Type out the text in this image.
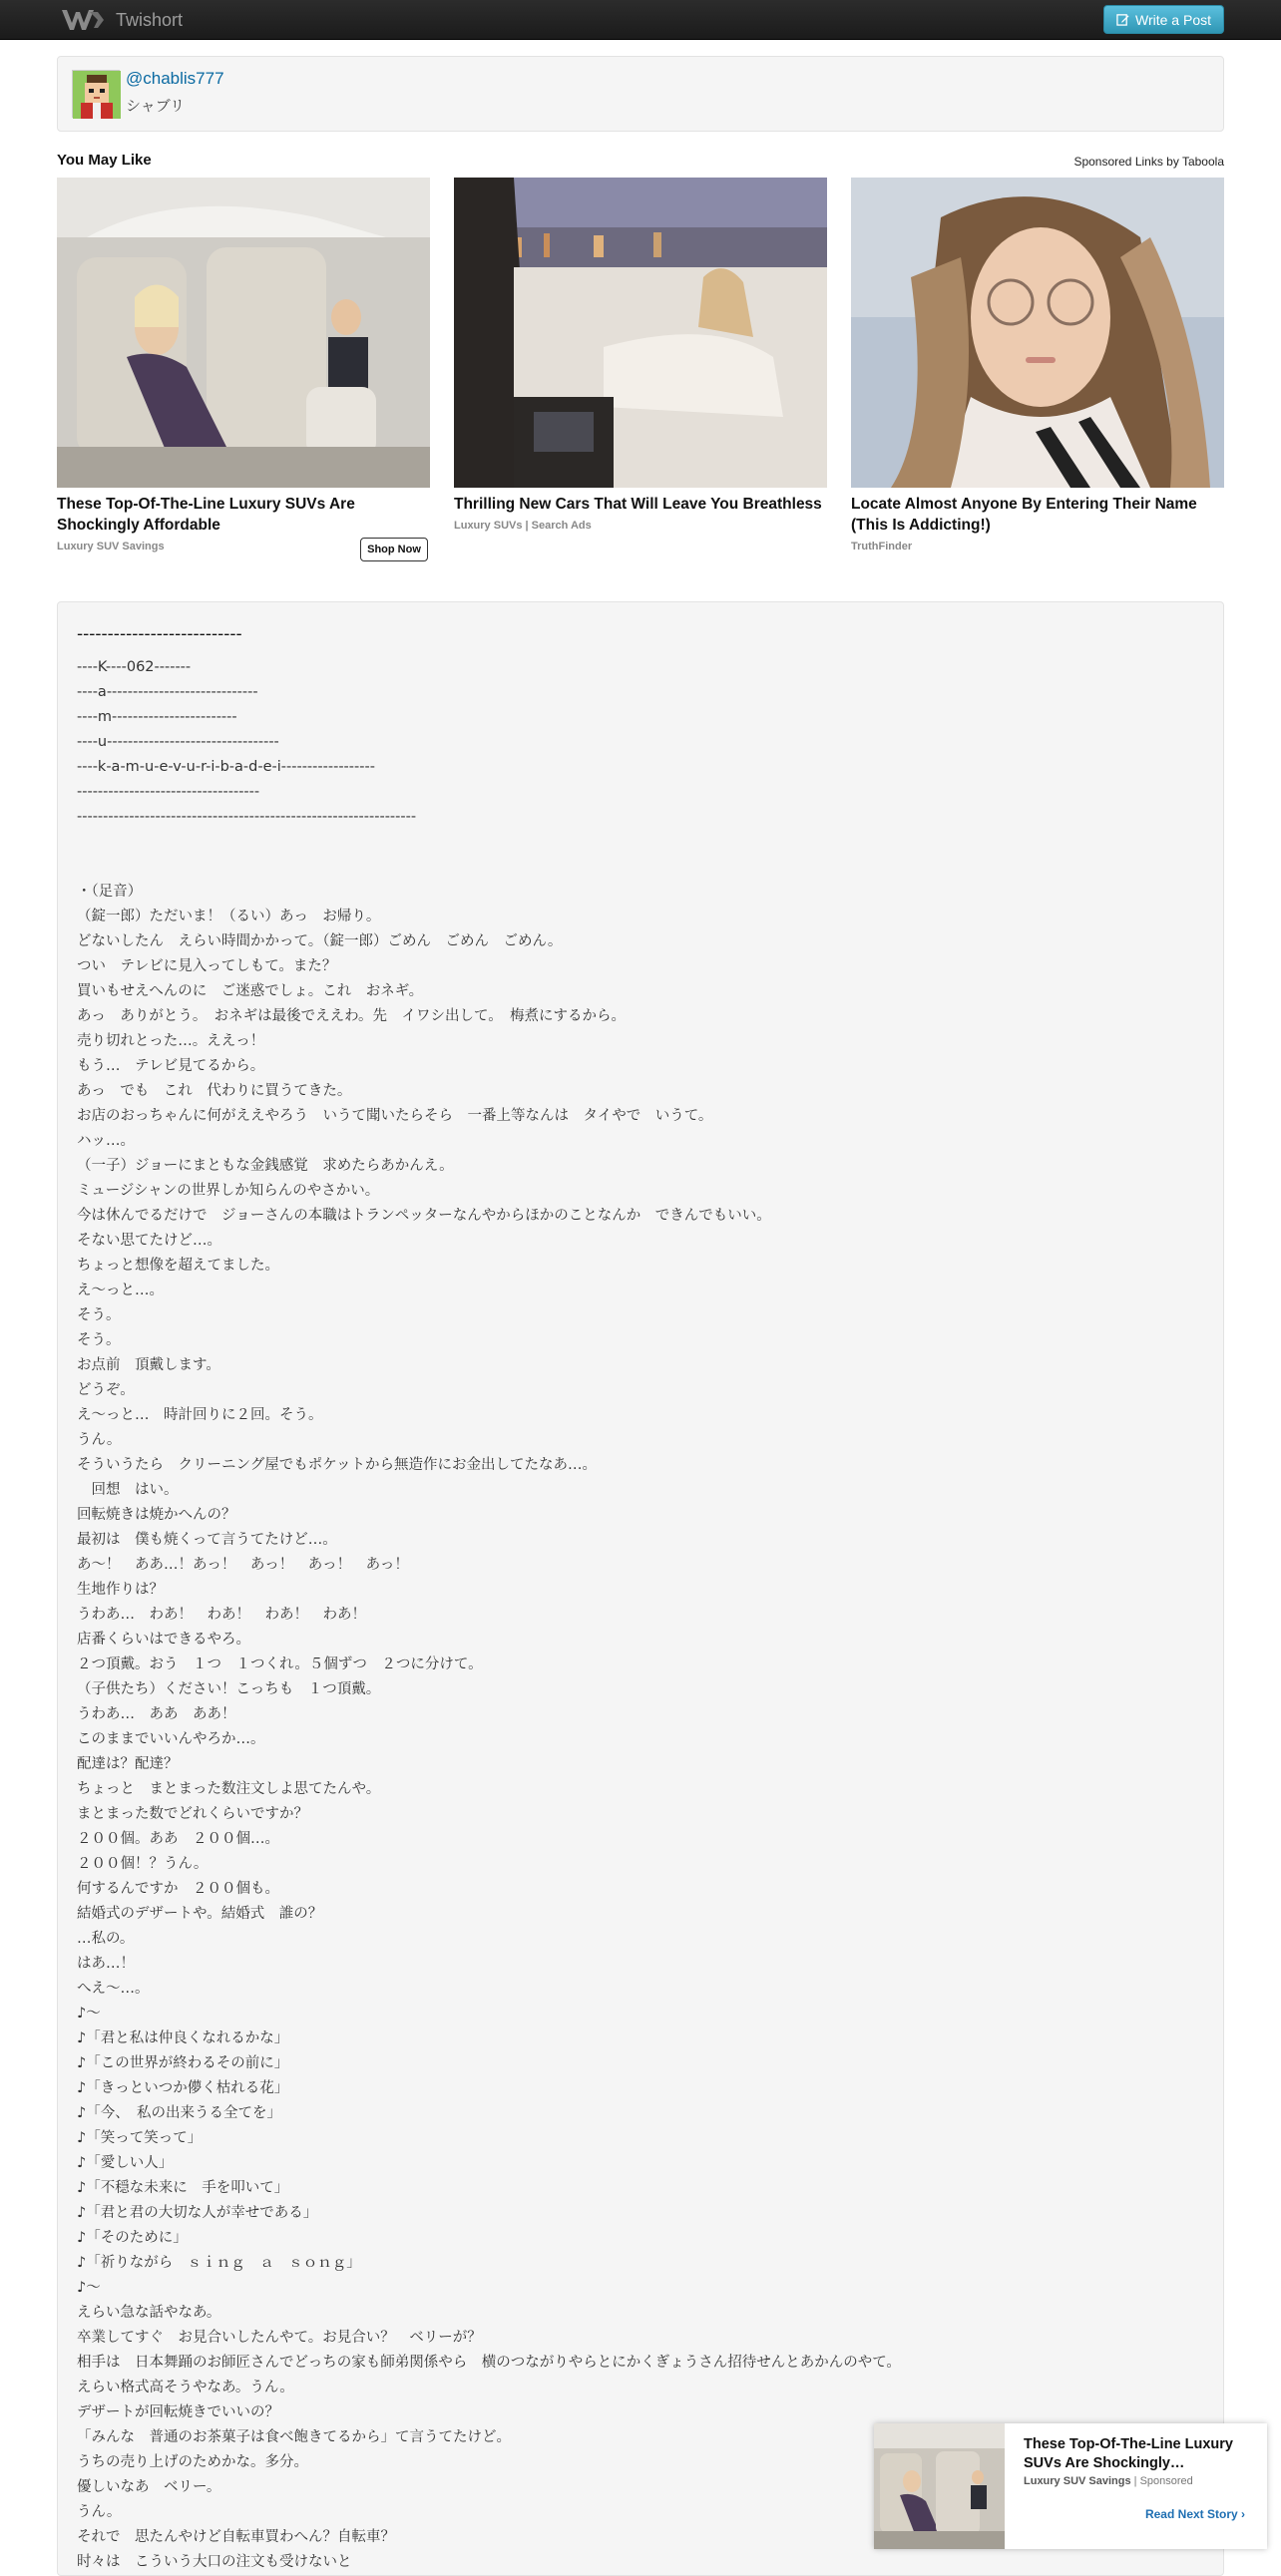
Twishort	Write a Post
@chablis777
シャブリ
You May Like	Sponsored Links by Taboola
These Top-Of-The-Line Luxury SUVs Are Shockingly Affordable
Luxury SUV Savings	Shop Now
Thrilling New Cars That Will Leave You Breathless
Luxury SUVs | Search Ads
Locate Almost Anyone By Entering Their Name (This Is Addicting!)
TruthFinder
---------------------------
----K----062-------
----a-----------------------------
----m------------------------
----u---------------------------------
----k-a-m-u-e-v-u-r-i-b-a-d-e-i------------------
-----------------------------------
-----------------------------------------------------------------
・（足音）
（錠一郎）ただいま！（るい）あっ　お帰り。
どないしたん　えらい時間かかって。（錠一郎）ごめん　ごめん　ごめん。
つい　テレビに見入ってしもて。また？
買いもせえへんのに　ご迷惑でしょ。これ　おネギ。
あっ　ありがとう。　おネギは最後でええわ。先　イワシ出して。　梅煮にするから。
売り切れとった…。ええっ！
もう…　テレビ見てるから。
あっ　でも　これ　代わりに買うてきた。
お店のおっちゃんに何がええやろう　いうて聞いたらそら　一番上等なんは　タイやで　いうて。
ハッ…。
（一子）ジョーにまともな金銭感覚　求めたらあかんえ。
ミュージシャンの世界しか知らんのやさかい。
今は休んでるだけで　ジョーさんの本職はトランペッターなんやからほかのことなんか　できんでもいい。
そない思てたけど…。
ちょっと想像を超えてました。
え～っと…。
そう。
そう。
お点前　頂戴します。
どうぞ。
え～っと…　時計回りに２回。そう。
うん。
そういうたら　クリーニング屋でもポケットから無造作にお金出してたなあ…。
　回想　はい。
回転焼きは焼かへんの？
最初は　僕も焼くって言うてたけど…。
あ～！　ああ…！あっ！　あっ！　あっ！　あっ！
生地作りは？
うわあ…　わあ！　わあ！　わあ！　わあ！
店番くらいはできるやろ。
２つ頂戴。おう　１つ　１つくれ。５個ずつ　２つに分けて。
（子供たち）ください！こっちも　１つ頂戴。
うわあ…　ああ　ああ！
このままでいいんやろか…。
配達は？配達？
ちょっと　まとまった数注文しよ思てたんや。
まとまった数でどれくらいですか？
２００個。ああ　２００個…。
２００個！？うん。
何するんですか　２００個も。
結婚式のデザートや。結婚式　誰の？
…私の。
はあ…！
へえ～…。
♪～
♪「君と私は仲良くなれるかな」
♪「この世界が終わるその前に」
♪「きっといつか儚く枯れる花」
♪「今、　私の出来うる全てを」
♪「笑って笑って」
♪「愛しい人」
♪「不穏な未来に　手を叩いて」
♪「君と君の大切な人が幸せである」
♪「そのために」
♪「祈りながら　ｓｉｎｇ　ａ　ｓｏｎｇ」
♪～
えらい急な話やなあ。
卒業してすぐ　お見合いしたんやて。お見合い？　ベリーが？
相手は　日本舞踊のお師匠さんでどっちの家も師弟関係やら　横のつながりやらとにかくぎょうさん招待せんとあかんのやて。
えらい格式高そうやなあ。うん。
デザートが回転焼きでいいの？
「みんな　普通のお茶菓子は食べ飽きてるから」て言うてたけど。
うちの売り上げのためかな。多分。
優しいなあ　ベリー。
うん。
それで　思たんやけど自転車買わへん？自転車？
时々は　こういう大口の注文も受けないと
These Top-Of-The-Line Luxury SUVs Are Shockingly…
Luxury SUV Savings | Sponsored
Read Next Story ›
